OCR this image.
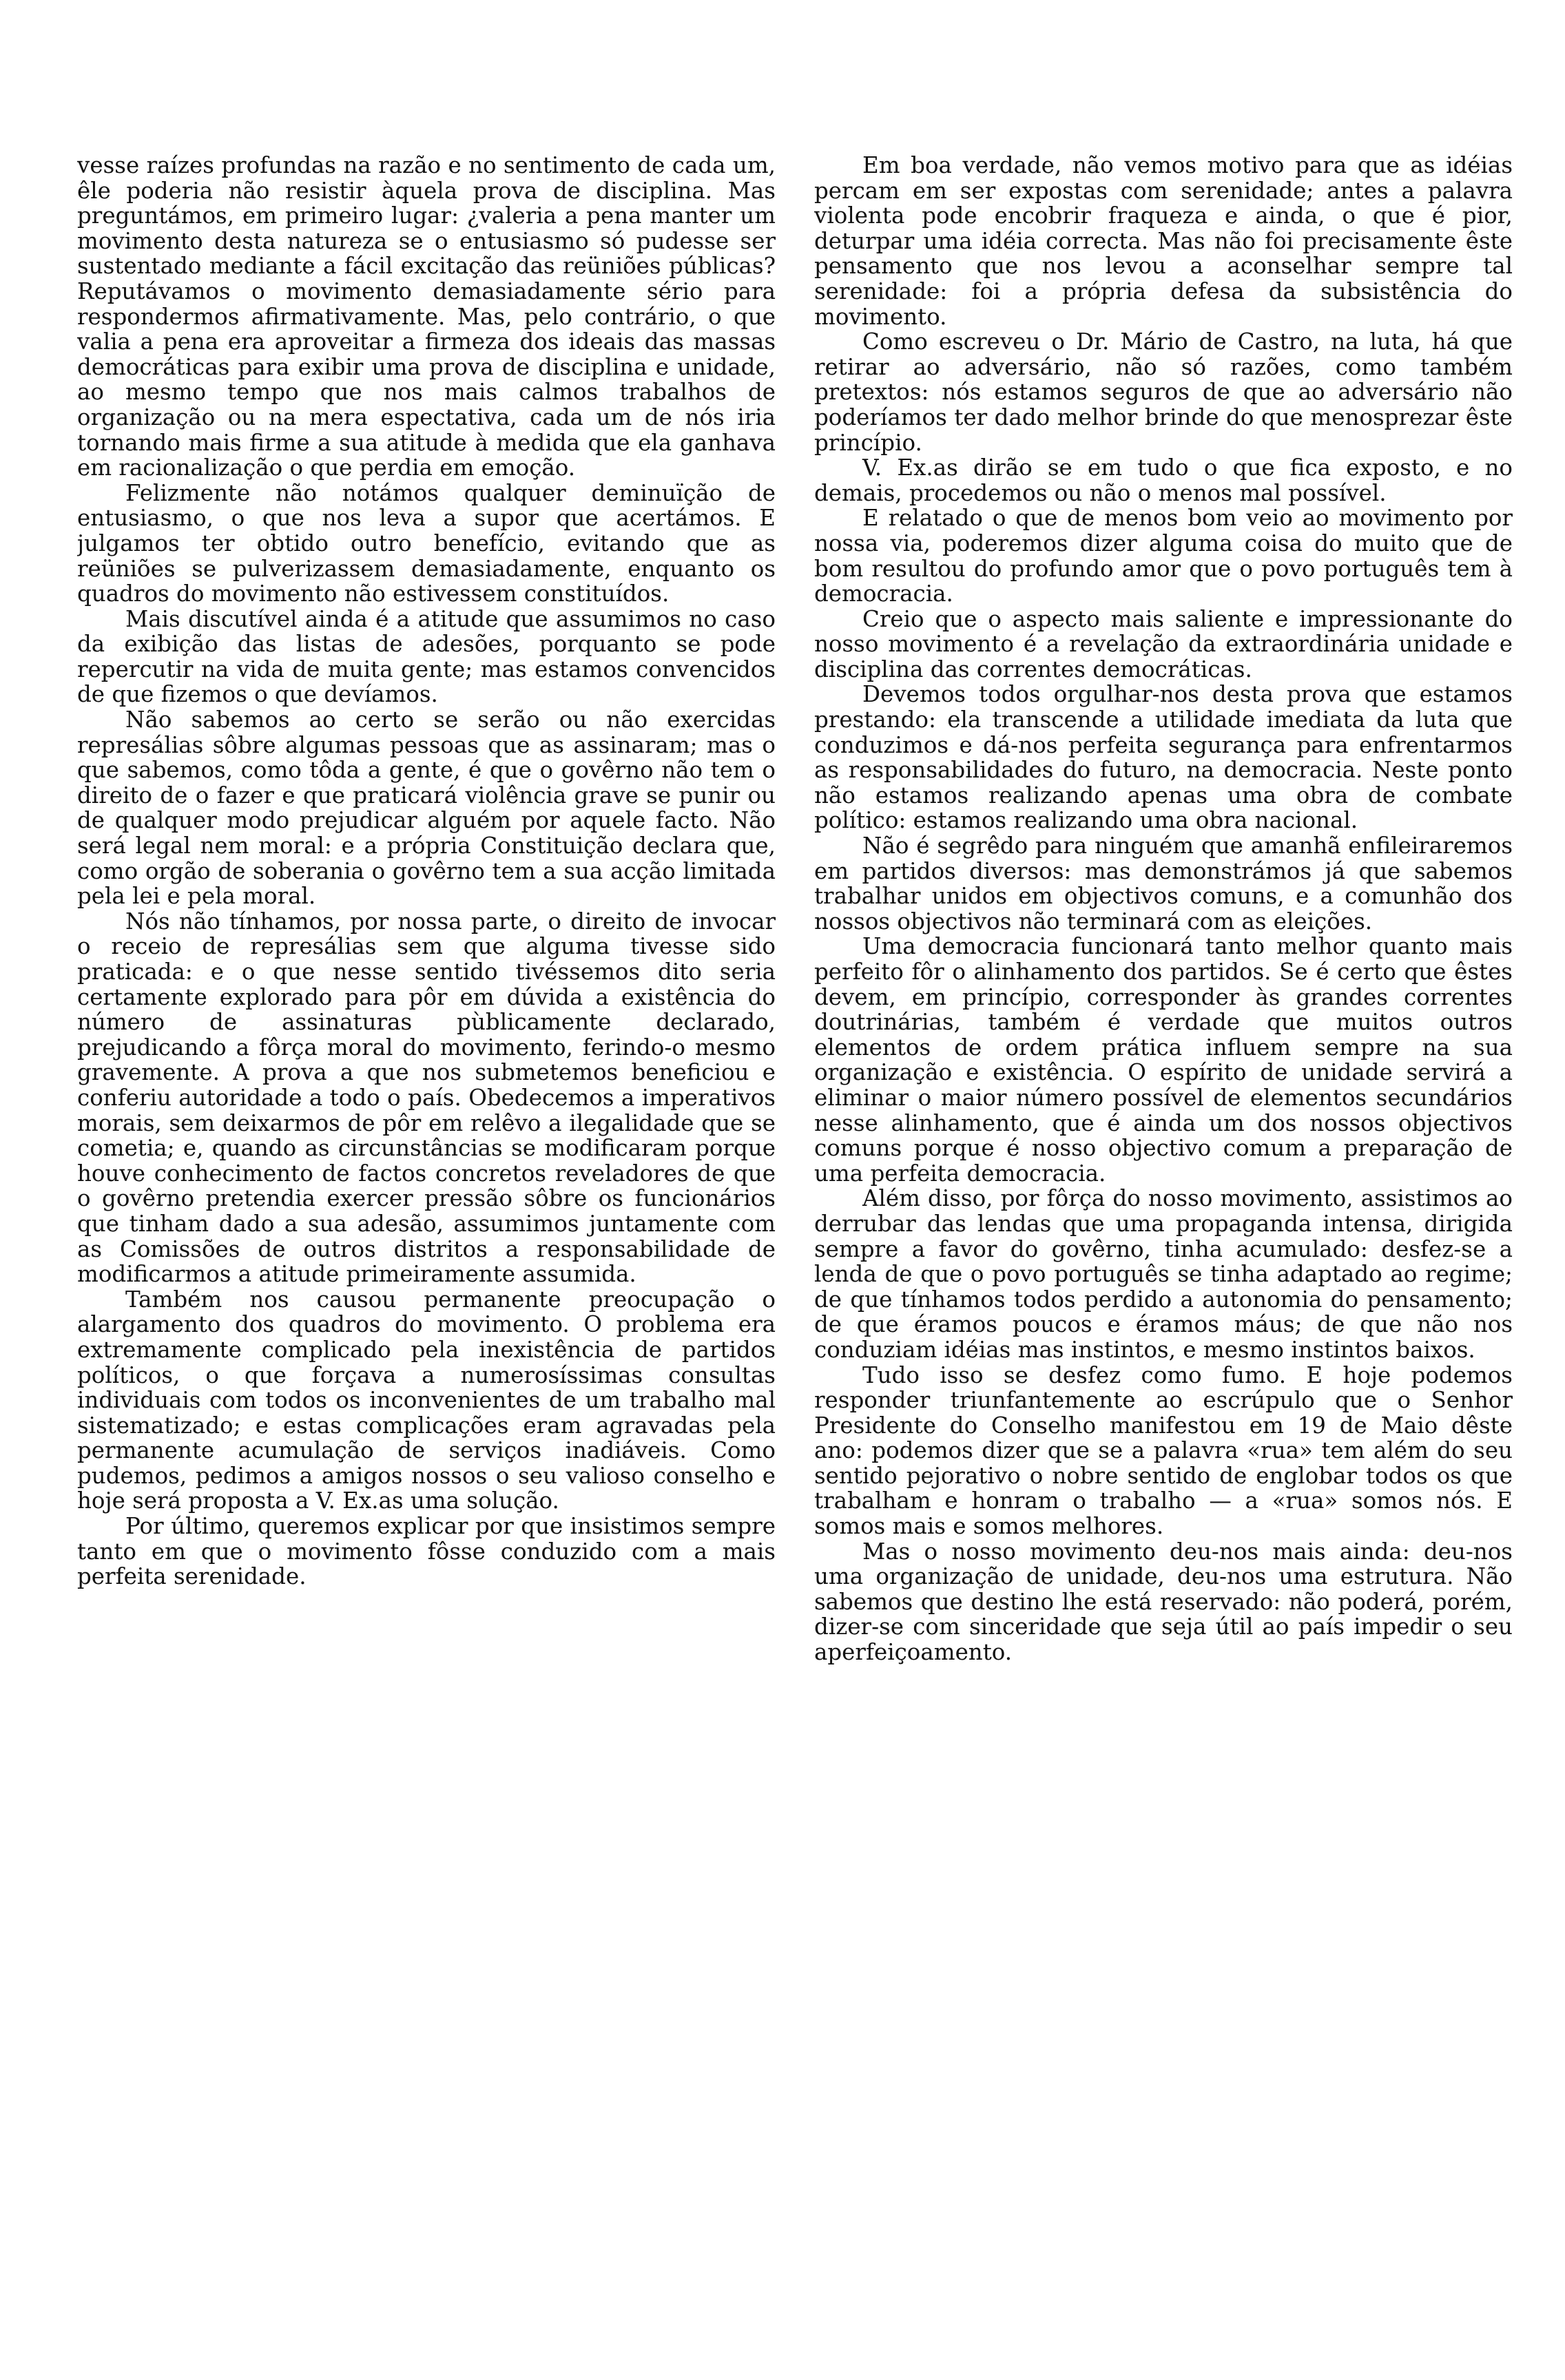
vesse raízes profundas na razão e no sentimento de cada um, êle poderia não resistir àquela prova de disciplina. Mas preguntámos, em primeiro lugar: ¿valeria a pena manter um movimento desta natureza se o entusiasmo só pudesse ser sustentado mediante a fácil excitação das reüniões públicas? Reputávamos o movimento demasiadamente sério para respondermos afirmativamente. Mas, pelo contrário, o que valia a pena era aproveitar a firmeza dos ideais das massas democráticas para exibir uma prova de disciplina e unidade, ao mesmo tempo que nos mais calmos trabalhos de organização ou na mera espectativa, cada um de nós iria tornando mais firme a sua atitude à medida que ela ganhava em racionalização o que perdia em emoção.

Felizmente não notámos qualquer deminuïção de entusiasmo, o que nos leva a supor que acertámos. E julgamos ter obtido outro benefício, evitando que as reüniões se pulverizassem demasiadamente, enquanto os quadros do movimento não estivessem constituídos.

Mais discutível ainda é a atitude que assumimos no caso da exibição das listas de adesões, porquanto se pode repercutir na vida de muita gente; mas estamos convencidos de que fizemos o que devíamos.

Não sabemos ao certo se serão ou não exercidas represálias sôbre algumas pessoas que as assinaram; mas o que sabemos, como tôda a gente, é que o govêrno não tem o direito de o fazer e que praticará violência grave se punir ou de qualquer modo prejudicar alguém por aquele facto. Não será legal nem moral: e a própria Constituição declara que, como orgão de soberania o govêrno tem a sua acção limitada pela lei e pela moral.

Nós não tínhamos, por nossa parte, o direito de invocar o receio de represálias sem que alguma tivesse sido praticada: e o que nesse sentido tivéssemos dito seria certamente explorado para pôr em dúvida a existência do número de assinaturas pùblicamente declarado, prejudicando a fôrça moral do movimento, ferindo-o mesmo gravemente. A prova a que nos submetemos beneficiou e conferiu autoridade a todo o país. Obedecemos a imperativos morais, sem deixarmos de pôr em relêvo a ilegalidade que se cometia; e, quando as circunstâncias se modificaram porque houve conhecimento de factos concretos reveladores de que o govêrno pretendia exercer pressão sôbre os funcionários que tinham dado a sua adesão, assumimos juntamente com as Comissões de outros distritos a responsabilidade de modificarmos a atitude primeiramente assumida.

Também nos causou permanente preocupação o alargamento dos quadros do movimento. O problema era extremamente complicado pela inexistência de partidos políticos, o que forçava a numerosíssimas consultas individuais com todos os inconvenientes de um trabalho mal sistematizado; e estas complicações eram agravadas pela permanente acumulação de serviços inadiáveis. Como pudemos, pedimos a amigos nossos o seu valioso conselho e hoje será proposta a V. Ex.as uma solução.

Por último, queremos explicar por que insistimos sempre tanto em que o movimento fôsse conduzido com a mais perfeita serenidade.

Em boa verdade, não vemos motivo para que as idéias percam em ser expostas com serenidade; antes a palavra violenta pode encobrir fraqueza e ainda, o que é pior, deturpar uma idéia correcta. Mas não foi precisamente êste pensamento que nos levou a aconselhar sempre tal serenidade: foi a própria defesa da subsistência do movimento.

Como escreveu o Dr. Mário de Castro, na luta, há que retirar ao adversário, não só razões, como também pretextos: nós estamos seguros de que ao adversário não poderíamos ter dado melhor brinde do que menosprezar êste princípio.

V. Ex.as dirão se em tudo o que fica exposto, e no demais, procedemos ou não o menos mal possível.

E relatado o que de menos bom veio ao movimento por nossa via, poderemos dizer alguma coisa do muito que de bom resultou do profundo amor que o povo português tem à democracia.

Creio que o aspecto mais saliente e impressionante do nosso movimento é a revelação da extraordinária unidade e disciplina das correntes democráticas.

Devemos todos orgulhar-nos desta prova que estamos prestando: ela transcende a utilidade imediata da luta que conduzimos e dá-nos perfeita segurança para enfrentarmos as responsabilidades do futuro, na democracia. Neste ponto não estamos realizando apenas uma obra de combate político: estamos realizando uma obra nacional.

Não é segrêdo para ninguém que amanhã enfileiraremos em partidos diversos: mas demonstrámos já que sabemos trabalhar unidos em objectivos comuns, e a comunhão dos nossos objectivos não terminará com as eleições.

Uma democracia funcionará tanto melhor quanto mais perfeito fôr o alinhamento dos partidos. Se é certo que êstes devem, em princípio, corresponder às grandes correntes doutrinárias, também é verdade que muitos outros elementos de ordem prática influem sempre na sua organização e existência. O espírito de unidade servirá a eliminar o maior número possível de elementos secundários nesse alinhamento, que é ainda um dos nossos objectivos comuns porque é nosso objectivo comum a preparação de uma perfeita democracia.

Além disso, por fôrça do nosso movimento, assistimos ao derrubar das lendas que uma propaganda intensa, dirigida sempre a favor do govêrno, tinha acumulado: desfez-se a lenda de que o povo português se tinha adaptado ao regime; de que tínhamos todos perdido a autonomia do pensamento; de que éramos poucos e éramos máus; de que não nos conduziam idéias mas instintos, e mesmo instintos baixos.

Tudo isso se desfez como fumo. E hoje podemos responder triunfantemente ao escrúpulo que o Senhor Presidente do Conselho manifestou em 19 de Maio dêste ano: podemos dizer que se a palavra «rua» tem além do seu sentido pejorativo o nobre sentido de englobar todos os que trabalham e honram o trabalho — a «rua» somos nós. E somos mais e somos melhores.

Mas o nosso movimento deu-nos mais ainda: deu-nos uma organização de unidade, deu-nos uma estrutura. Não sabemos que destino lhe está reservado: não poderá, porém, dizer-se com sinceridade que seja útil ao país impedir o seu aperfeiçoamento.
